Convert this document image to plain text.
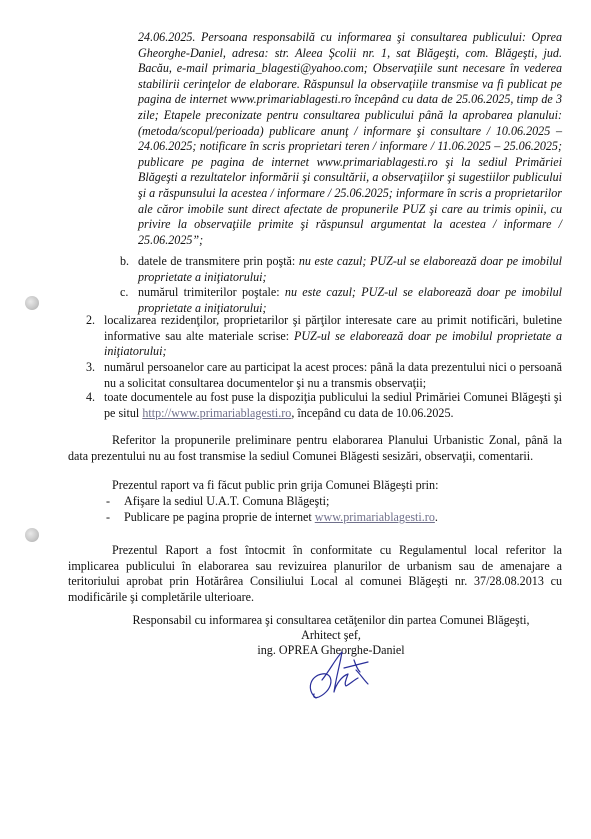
24.06.2025. Persoana responsabilă cu informarea şi consultarea publicului: Oprea Gheorghe-Daniel, adresa: str. Aleea Şcolii nr. 1, sat Blăgeşti, com. Blăgeşti, jud. Bacău, e-mail primaria_blagesti@yahoo.com; Observaţiile sunt necesare în vederea stabilirii cerinţelor de elaborare. Răspunsul la observaţiile transmise va fi publicat pe pagina de internet www.primariablagesti.ro începând cu data de 25.06.2025, timp de 3 zile; Etapele preconizate pentru consultarea publicului până la aprobarea planului: (metoda/scopul/perioada) publicare anunţ / informare şi consultare / 10.06.2025 – 24.06.2025; notificare în scris proprietari teren / informare / 11.06.2025 – 25.06.2025; publicare pe pagina de internet www.primariablagesti.ro şi la sediul Primăriei Blăgeşti a rezultatelor informării şi consultării, a observaţiilor şi sugestiilor publicului şi a răspunsului la acestea / informare / 25.06.2025; informare în scris a proprietarilor ale căror imobile sunt direct afectate de propunerile PUZ şi care au trimis opinii, cu privire la observaţiile primite şi răspunsul argumentat la acestea / informare / 25.06.2025”;
b. datele de transmitere prin poştă: nu este cazul; PUZ-ul se elaborează doar pe imobilul proprietate a iniţiatorului;
c. numărul trimiterilor poştale: nu este cazul; PUZ-ul se elaborează doar pe imobilul proprietate a iniţiatorului;
2. localizarea rezidenţilor, proprietarilor şi părţilor interesate care au primit notificări, buletine informative sau alte materiale scrise: PUZ-ul se elaborează doar pe imobilul proprietate a iniţiatorului;
3. numărul persoanelor care au participat la acest proces: până la data prezentului nici o persoană nu a solicitat consultarea documentelor şi nu a transmis observaţii;
4. toate documentele au fost puse la dispoziţia publicului la sediul Primăriei Comunei Blăgeşti şi pe situl http://www.primariablagesti.ro, începând cu data de 10.06.2025.
Referitor la propunerile preliminare pentru elaborarea Planului Urbanistic Zonal, până la data prezentului nu au fost transmise la sediul Comunei Blăgesti sesizări, observaţii, comentarii.
Prezentul raport va fi făcut public prin grija Comunei Blăgeşti prin:
- Afişare la sediul U.A.T. Comuna Blăgeşti;
- Publicare pe pagina proprie de internet www.primariablagesti.ro.
Prezentul Raport a fost întocmit în conformitate cu Regulamentul local referitor la implicarea publicului în elaborarea sau revizuirea planurilor de urbanism sau de amenajare a teritoriului aprobat prin Hotărârea Consiliului Local al comunei Blăgeşti nr. 37/28.08.2013 cu modificările şi completările ulterioare.
Responsabil cu informarea şi consultarea cetăţenilor din partea Comunei Blăgeşti,
Arhitect şef,
ing. OPREA Gheorghe-Daniel
